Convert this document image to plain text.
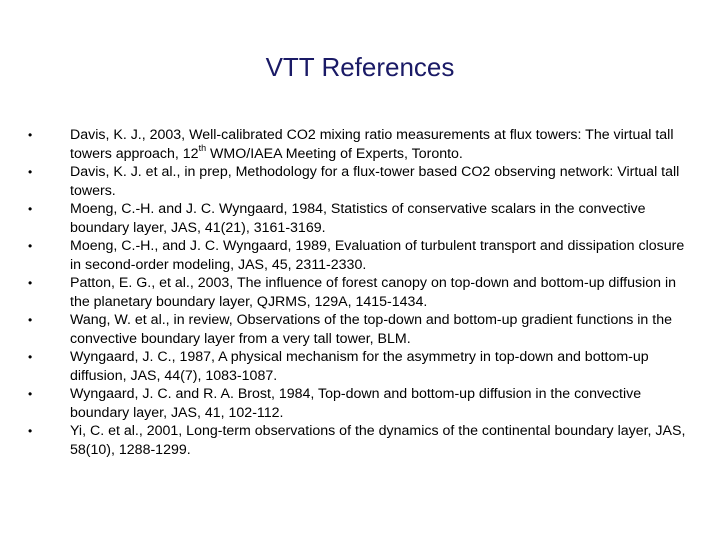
VTT References
•	Davis, K. J., 2003, Well-calibrated CO2 mixing ratio measurements at flux towers: The virtual tall towers approach, 12th WMO/IAEA Meeting of Experts, Toronto.
•	Davis, K. J. et al., in prep, Methodology for a flux-tower based CO2 observing network: Virtual tall towers.
•	Moeng, C.-H. and J. C. Wyngaard, 1984, Statistics of conservative scalars in the convective boundary layer, JAS, 41(21), 3161-3169.
•	Moeng, C.-H., and J. C. Wyngaard, 1989, Evaluation of turbulent transport and dissipation closure in second-order modeling, JAS, 45, 2311-2330.
•	Patton, E. G., et al., 2003, The influence of forest canopy on top-down and bottom-up diffusion in the planetary boundary layer, QJRMS, 129A, 1415-1434.
•	Wang, W. et al., in review, Observations of the top-down and bottom-up gradient functions in the convective boundary layer from a very tall tower, BLM.
•	Wyngaard, J. C., 1987, A physical mechanism for the asymmetry in top-down and bottom-up diffusion, JAS, 44(7), 1083-1087.
•	Wyngaard, J. C. and R. A. Brost, 1984, Top-down and bottom-up diffusion in the convective boundary layer, JAS, 41, 102-112.
•	Yi, C. et al., 2001, Long-term observations of the dynamics of the continental boundary layer, JAS, 58(10), 1288-1299.
